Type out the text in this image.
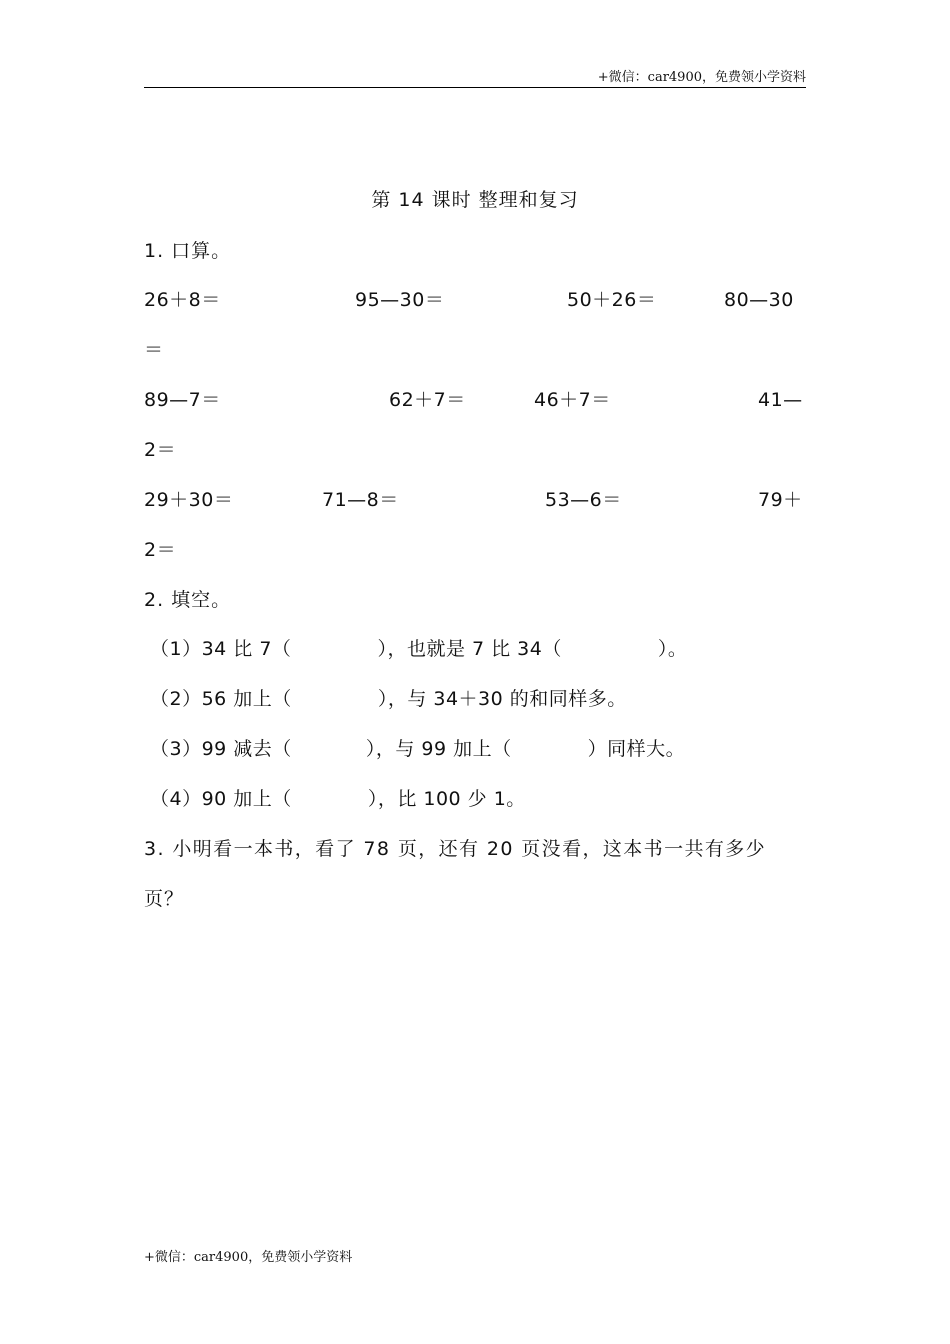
+微信：car4900，免费领小学资料
第 14 课时 整理和复习
1. 口算。
26＋8＝	95—30＝	50＋26＝	80—30
＝
89—7＝	62＋7＝	46＋7＝	41—
2＝
29＋30＝	71—8＝	53—6＝	79＋
2＝
2. 填空。
（1）34 比 7（	），也就是 7 比 34（	）。
（2）56 加上（	），与 34＋30 的和同样多。
（3）99 减去（	），与 99 加上（	）同样大。
（4）90 加上（	），比 100 少 1。
3. 小明看一本书，看了 78 页，还有 20 页没看，这本书一共有多少
页？
+微信：car4900，免费领小学资料
